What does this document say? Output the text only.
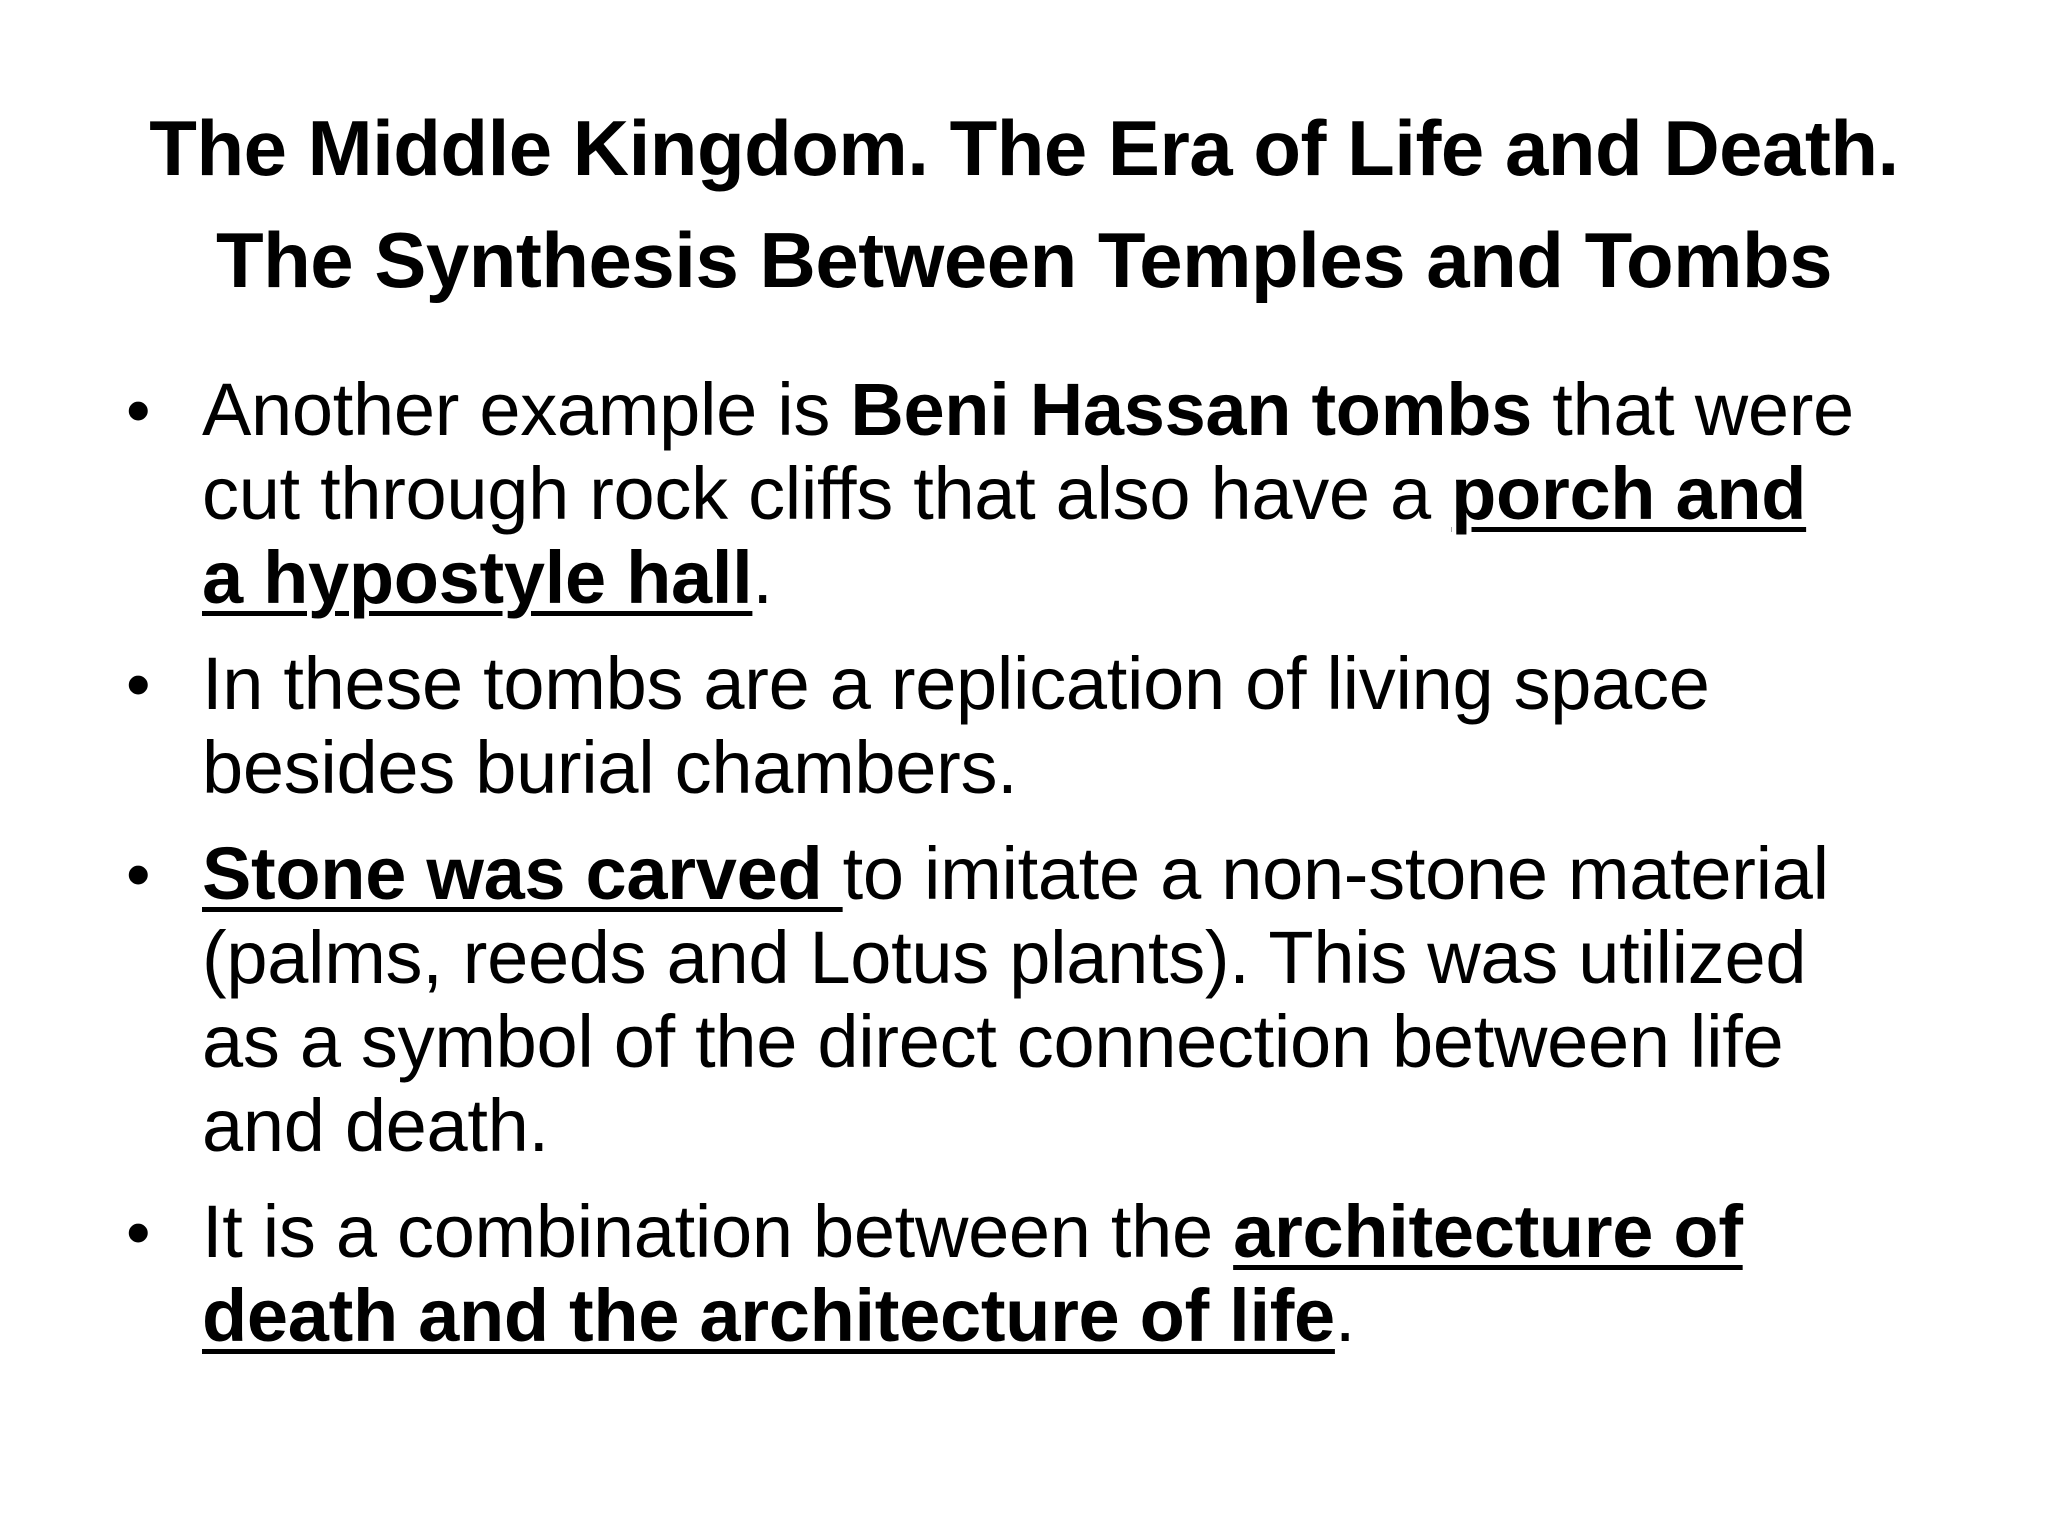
The Middle Kingdom. The Era of Life and Death.
The Synthesis Between Temples and Tombs
• Another example is Beni Hassan tombs that were
cut through rock cliffs that also have a porch and
a hypostyle hall.
• In these tombs are a replication of living space
besides burial chambers.
• Stone was carved to imitate a non-stone material
(palms, reeds and Lotus plants). This was utilized
as a symbol of the direct connection between life
and death.
• It is a combination between the architecture of
death and the architecture of life.
